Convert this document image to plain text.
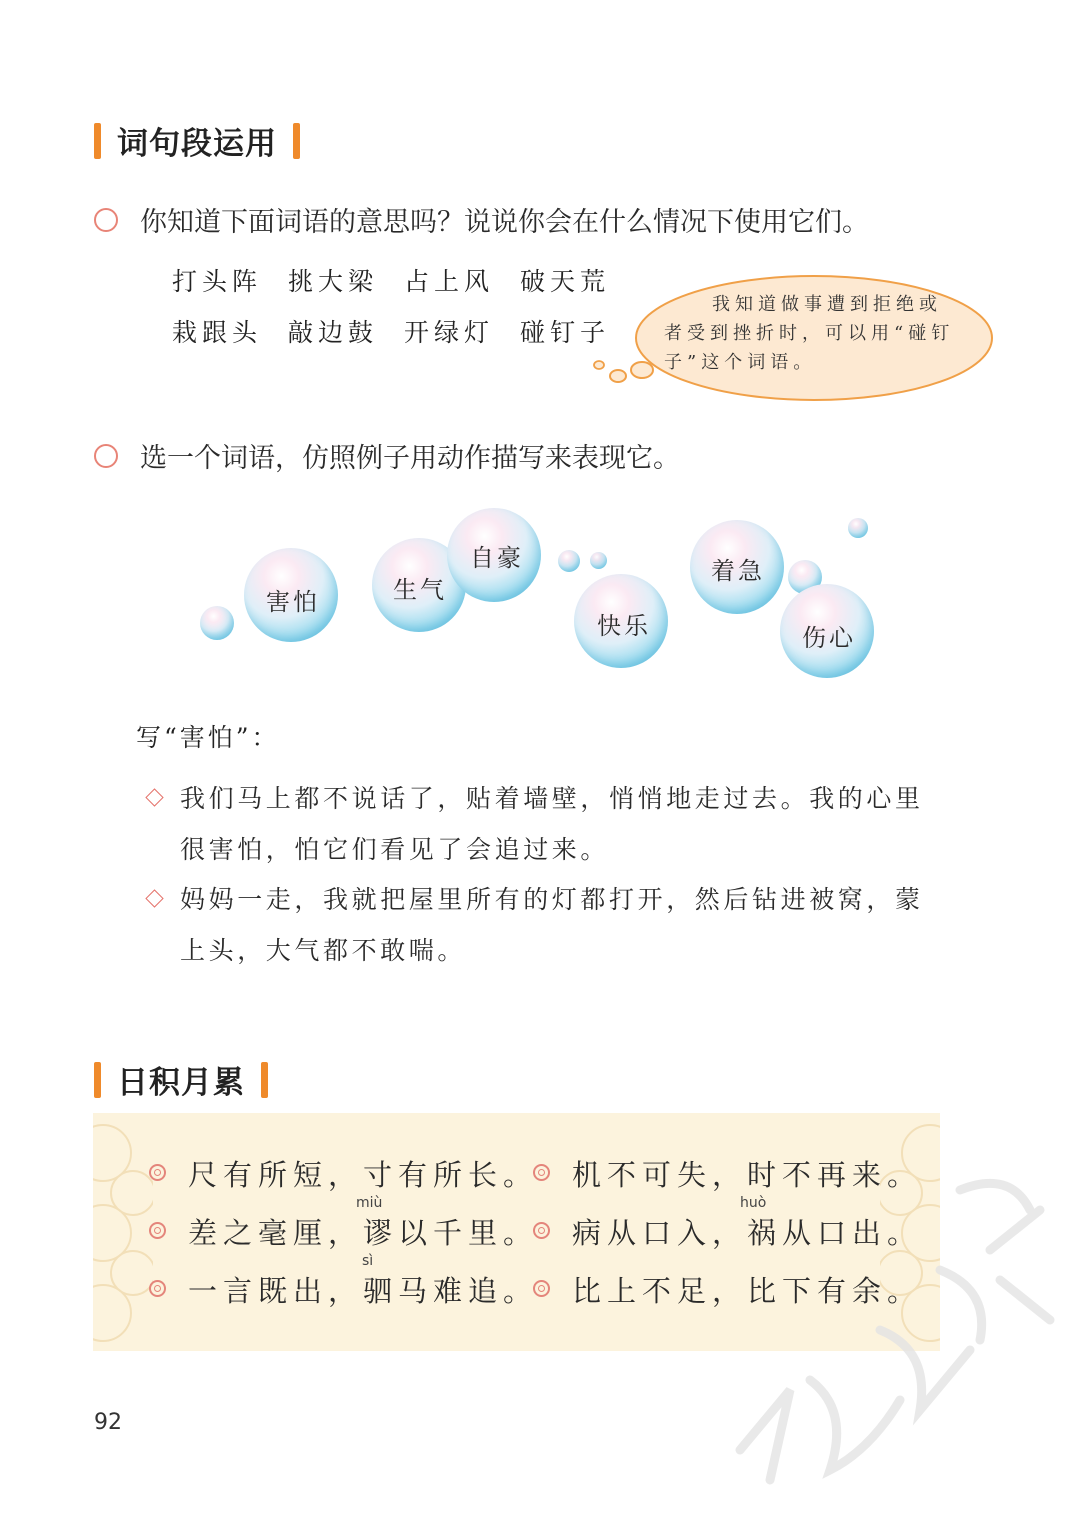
词句段运用
你知道下面词语的意思吗？说说你会在什么情况下使用它们。
打头阵 挑大梁 占上风 破天荒
栽跟头 敲边鼓 开绿灯 碰钉子
我知道做事遭到拒绝或者受到挫折时，可以用“碰钉子”这个词语。
选一个词语，仿照例子用动作描写来表现它。
害怕	生气
自豪
快乐
着急
伤心
写“害怕”：
我们马上都不说话了，贴着墙壁，悄悄地走过去。我的心里
很害怕，怕它们看见了会追过来。
妈妈一走，我就把屋里所有的灯都打开，然后钻进被窝，蒙
上头，大气都不敢喘。
日积月累
尺有所短，寸有所长。 机不可失，时不再来。
miù
差之毫厘，谬以千里。
huò
病从口入，祸从口出。
sì
一言既出，驷马难追。 比上不足，比下有余。
92
